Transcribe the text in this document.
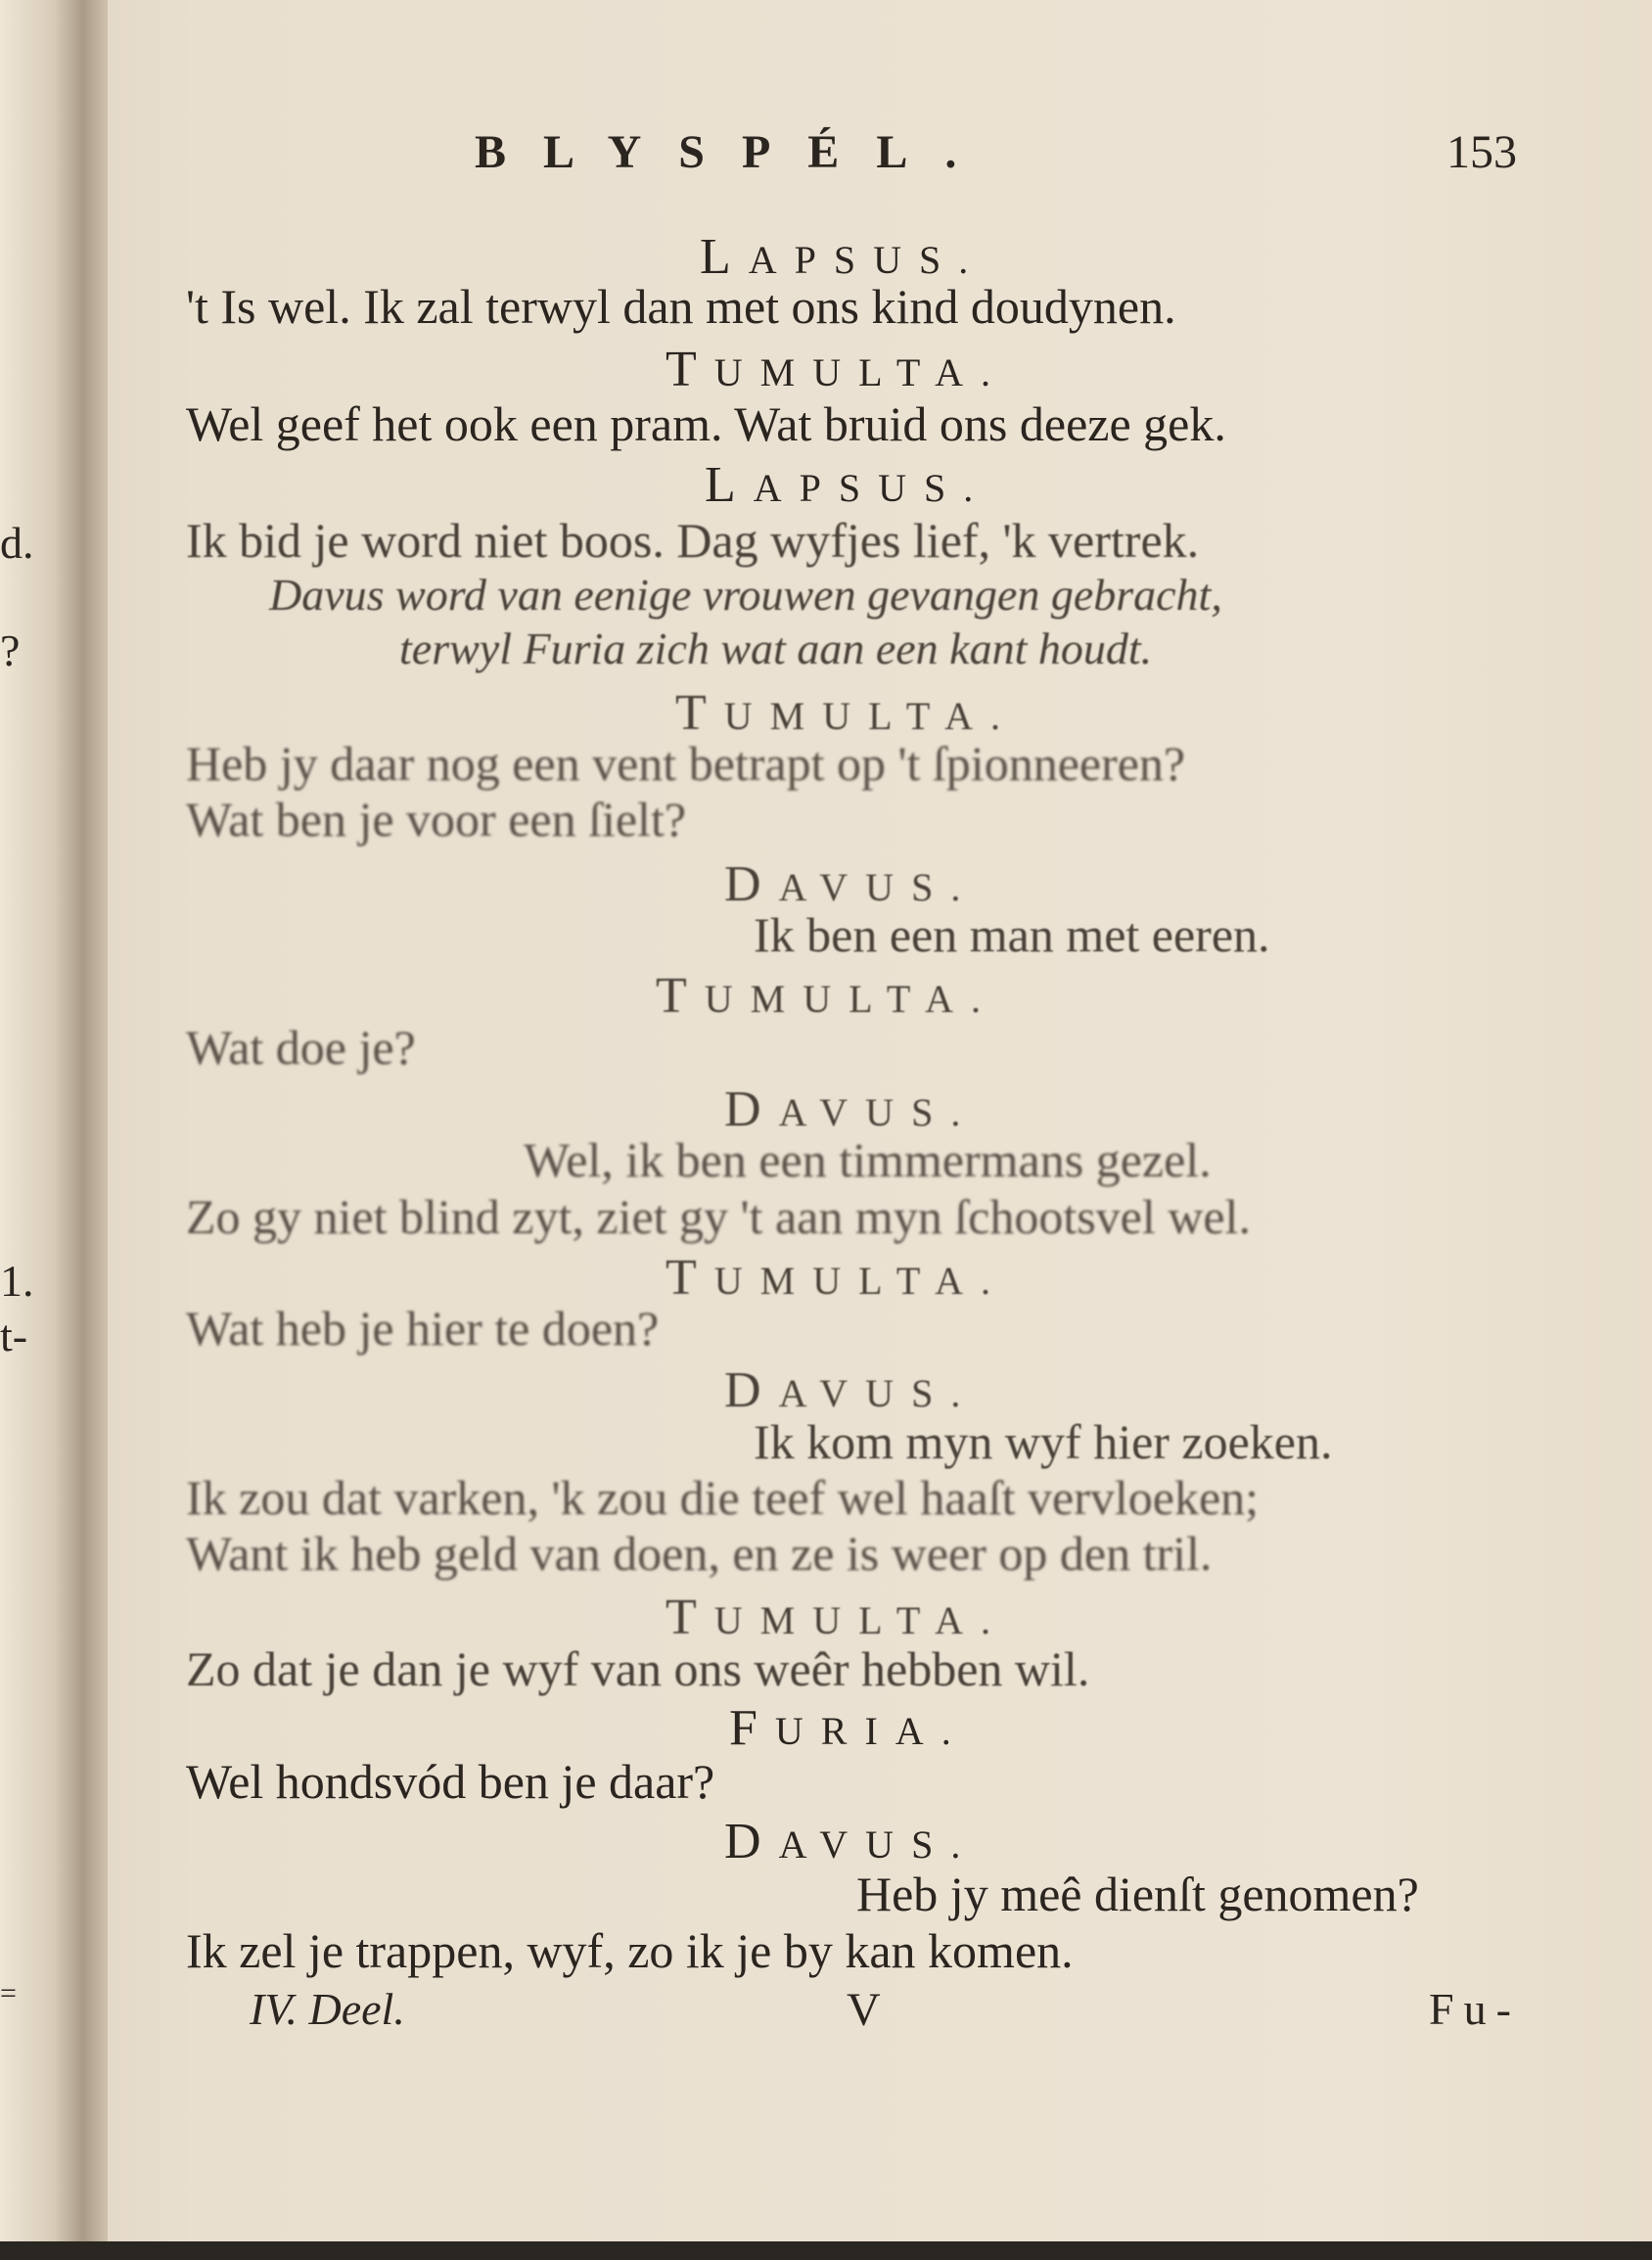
d.
?
1.
t-
=
BLYSPÉL.	153
LAPSUS.
't Is wel. Ik zal terwyl dan met ons kind doudynen.
TUMULTA.
Wel geef het ook een pram. Wat bruid ons deeze gek.
LAPSUS.
Ik bid je word niet boos. Dag wyfjes lief, 'k vertrek.
Davus word van eenige vrouwen gevangen gebracht,
terwyl Furia zich wat aan een kant houdt.
TUMULTA.
Heb jy daar nog een vent betrapt op 't ſpionneeren?
Wat ben je voor een ſielt?
DAVUS.
Ik ben een man met eeren.
TUMULTA.
Wat doe je?
DAVUS.
Wel, ik ben een timmermans gezel.
Zo gy niet blind zyt, ziet gy 't aan myn ſchootsvel wel.
TUMULTA.
Wat heb je hier te doen?
DAVUS.
Ik kom myn wyf hier zoeken.
Ik zou dat varken, 'k zou die teef wel haaſt vervloeken;
Want ik heb geld van doen, en ze is weer op den tril.
TUMULTA.
Zo dat je dan je wyf van ons weêr hebben wil.
FURIA.
Wel hondsvód ben je daar?
DAVUS.
Heb jy meê dienſt genomen?
Ik zel je trappen, wyf, zo ik je by kan komen.
IV. Deel.	V	Fu-
